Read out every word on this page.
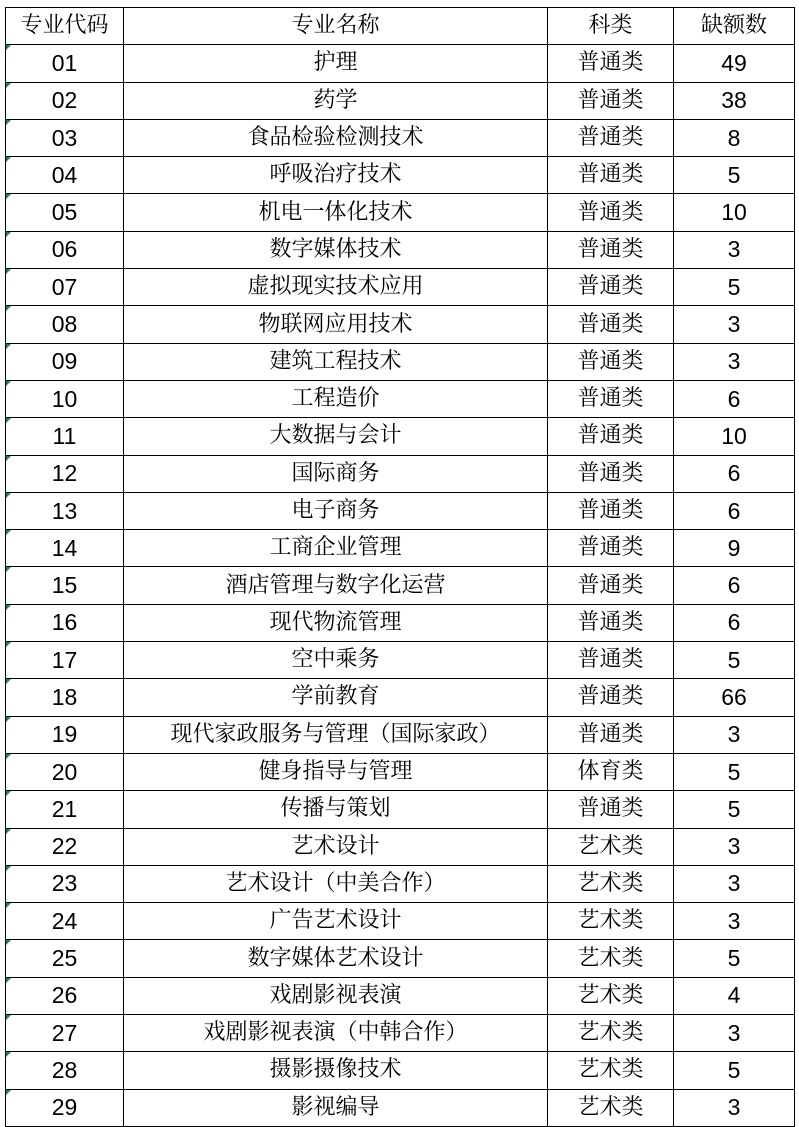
专业代码	专业名称	科类	缺额数
01	护理	普通类	49
02	药学	普通类	38
03	食品检验检测技术	普通类	8
04	呼吸治疗技术	普通类	5
05	机电一体化技术	普通类	10
06	数字媒体技术	普通类	3
07	虚拟现实技术应用	普通类	5
08	物联网应用技术	普通类	3
09	建筑工程技术	普通类	3
10	工程造价	普通类	6
11	大数据与会计	普通类	10
12	国际商务	普通类	6
13	电子商务	普通类	6
14	工商企业管理	普通类	9
15	酒店管理与数字化运营	普通类	6
16	现代物流管理	普通类	6
17	空中乘务	普通类	5
18	学前教育	普通类	66
19	现代家政服务与管理（国际家政）	普通类	3
20	健身指导与管理	体育类	5
21	传播与策划	普通类	5
22	艺术设计	艺术类	3
23	艺术设计（中美合作）	艺术类	3
24	广告艺术设计	艺术类	3
25	数字媒体艺术设计	艺术类	5
26	戏剧影视表演	艺术类	4
27	戏剧影视表演（中韩合作）	艺术类	3
28	摄影摄像技术	艺术类	5
29	影视编导	艺术类	3
